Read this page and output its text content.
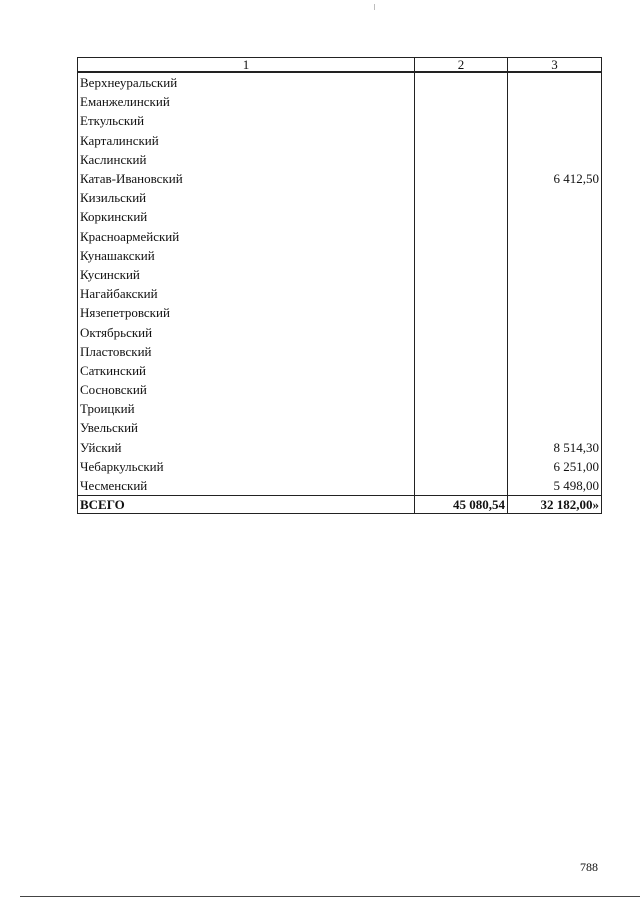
1	2	3
Верхнеуральский		
Еманжелинский		
Еткульский		
Карталинский		
Каслинский		
Катав-Ивановский		6 412,50
Кизильский		
Коркинский		
Красноармейский		
Кунашакский		
Кусинский		
Нагайбакский		
Нязепетровский		
Октябрьский		
Пластовский		
Саткинский		
Сосновский		
Троицкий		
Увельский		
Уйский		8 514,30
Чебаркульский		6 251,00
Чесменский		5 498,00
ВСЕГО	45 080,54	32 182,00»
788
